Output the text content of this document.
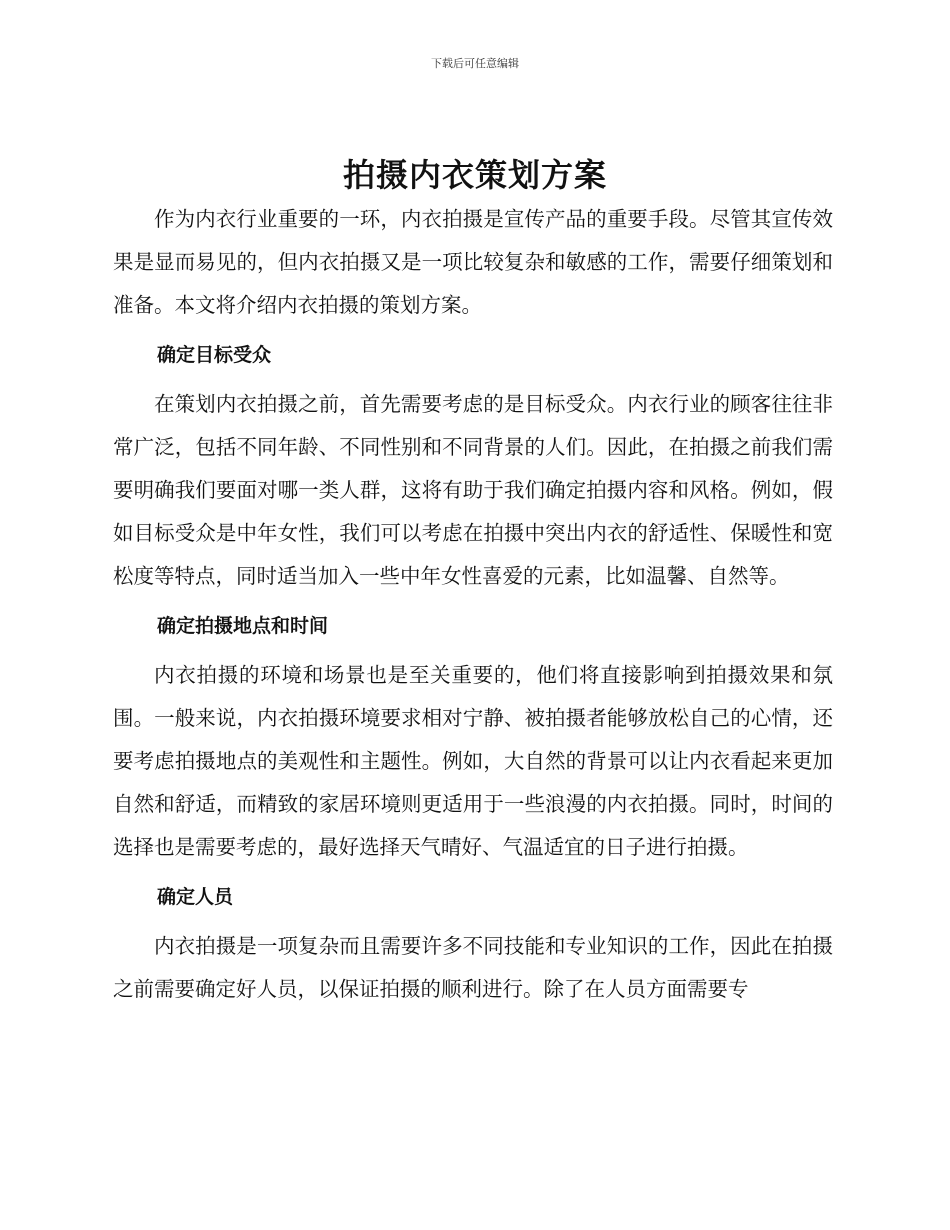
下载后可任意编辑
拍摄内衣策划方案

作为内衣行业重要的一环，内衣拍摄是宣传产品的重要手段。尽管其宣传效果是显而易见的，但内衣拍摄又是一项比较复杂和敏感的工作，需要仔细策划和准备。本文将介绍内衣拍摄的策划方案。

确定目标受众

在策划内衣拍摄之前，首先需要考虑的是目标受众。内衣行业的顾客往往非常广泛，包括不同年龄、不同性别和不同背景的人们。因此，在拍摄之前我们需要明确我们要面对哪一类人群，这将有助于我们确定拍摄内容和风格。例如，假如目标受众是中年女性，我们可以考虑在拍摄中突出内衣的舒适性、保暖性和宽松度等特点，同时适当加入一些中年女性喜爱的元素，比如温馨、自然等。

确定拍摄地点和时间

内衣拍摄的环境和场景也是至关重要的，他们将直接影响到拍摄效果和氛围。一般来说，内衣拍摄环境要求相对宁静、被拍摄者能够放松自己的心情，还要考虑拍摄地点的美观性和主题性。例如，大自然的背景可以让内衣看起来更加自然和舒适，而精致的家居环境则更适用于一些浪漫的内衣拍摄。同时，时间的选择也是需要考虑的，最好选择天气晴好、气温适宜的日子进行拍摄。

确定人员

内衣拍摄是一项复杂而且需要许多不同技能和专业知识的工作，因此在拍摄之前需要确定好人员，以保证拍摄的顺利进行。除了在人员方面需要专
